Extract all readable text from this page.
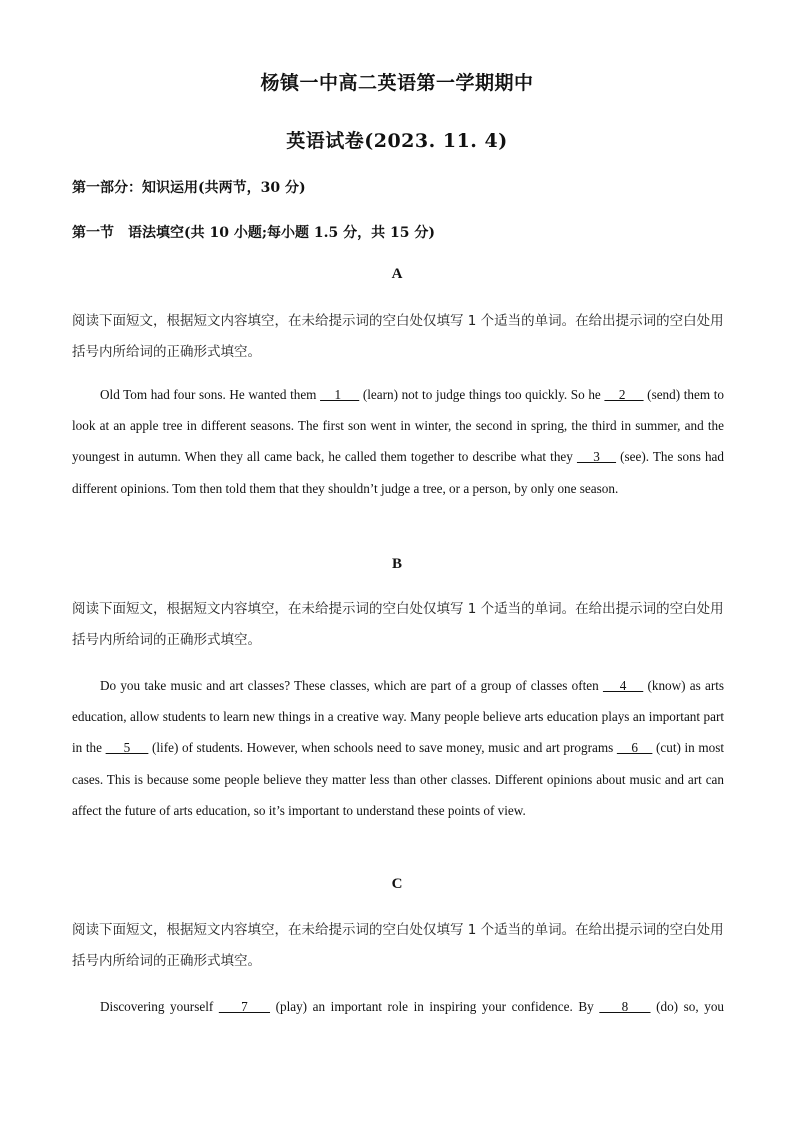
杨镇一中高二英语第一学期期中
英语试卷(2023. 11. 4)
第一部分：知识运用(共两节，30 分)
第一节　语法填空(共 10 小题;每小题 1.5 分，共 15 分)
A
阅读下面短文，根据短文内容填空，在未给提示词的空白处仅填写 1 个适当的单词。在给出提示词的空白处用括号内所给词的正确形式填空。
Old Tom had four sons. He wanted them     1      (learn) not to judge things too quickly. So he     2      (send) them to look at an apple tree in different seasons. The first son went in winter, the second in spring, the third in summer, and the youngest in autumn. When they all came back, he called them together to describe what they     3     (see). The sons had different opinions. Tom then told them that they shouldn’t judge a tree, or a person, by only one season.
B
阅读下面短文，根据短文内容填空，在未给提示词的空白处仅填写 1 个适当的单词。在给出提示词的空白处用括号内所给词的正确形式填空。
Do you take music and art classes? These classes, which are part of a group of classes often     4     (know) as arts education, allow students to learn new things in a creative way. Many people believe arts education plays an important part in the      5      (life) of students. However, when schools need to save money, music and art programs     6     (cut) in most cases. This is because some people believe they matter less than other classes. Different opinions about music and art can affect the future of arts education, so it’s important to understand these points of view.
C
阅读下面短文，根据短文内容填空，在未给提示词的空白处仅填写 1 个适当的单词。在给出提示词的空白处用括号内所给词的正确形式填空。
Discovering yourself     7     (play) an important role in inspiring your confidence. By     8     (do) so, you
